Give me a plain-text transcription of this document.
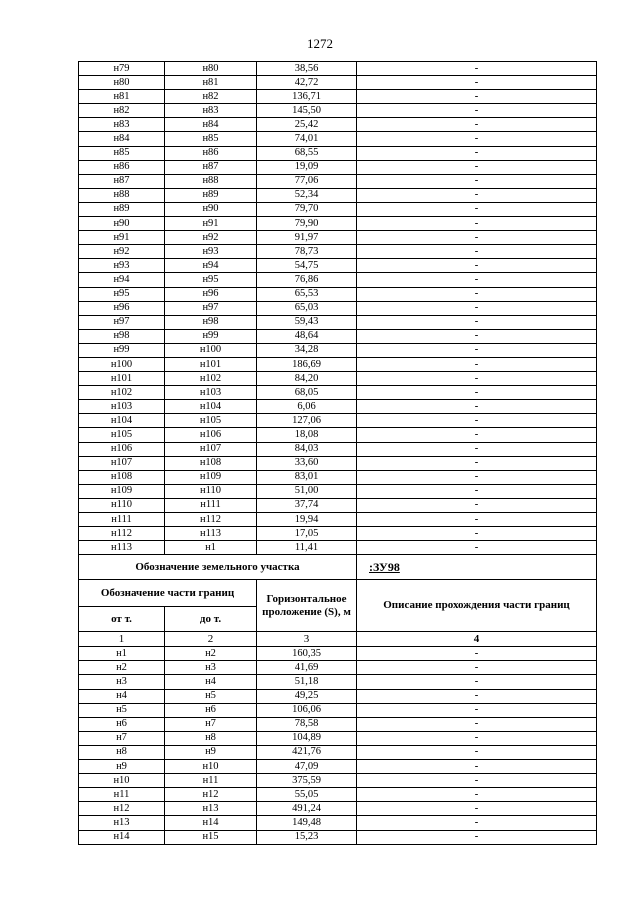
1272
н79	н80	38,56	-
н80	н81	42,72	-
н81	н82	136,71	-
н82	н83	145,50	-
н83	н84	25,42	-
н84	н85	74,01	-
н85	н86	68,55	-
н86	н87	19,09	-
н87	н88	77,06	-
н88	н89	52,34	-
н89	н90	79,70	-
н90	н91	79,90	-
н91	н92	91,97	-
н92	н93	78,73	-
н93	н94	54,75	-
н94	н95	76,86	-
н95	н96	65,53	-
н96	н97	65,03	-
н97	н98	59,43	-
н98	н99	48,64	-
н99	н100	34,28	-
н100	н101	186,69	-
н101	н102	84,20	-
н102	н103	68,05	-
н103	н104	6,06	-
н104	н105	127,06	-
н105	н106	18,08	-
н106	н107	84,03	-
н107	н108	33,60	-
н108	н109	83,01	-
н109	н110	51,00	-
н110	н111	37,74	-
н111	н112	19,94	-
н112	н113	17,05	-
н113	н1	11,41	-
Обозначение земельного участка			:ЗУ98
Обозначение части границ		Горизонтальное проложение (S), м	Описание прохождения части границ
от т.	до т.		
1	2	3	4
н1	н2	160,35	-
н2	н3	41,69	-
н3	н4	51,18	-
н4	н5	49,25	-
н5	н6	106,06	-
н6	н7	78,58	-
н7	н8	104,89	-
н8	н9	421,76	-
н9	н10	47,09	-
н10	н11	375,59	-
н11	н12	55,05	-
н12	н13	491,24	-
н13	н14	149,48	-
н14	н15	15,23	-
